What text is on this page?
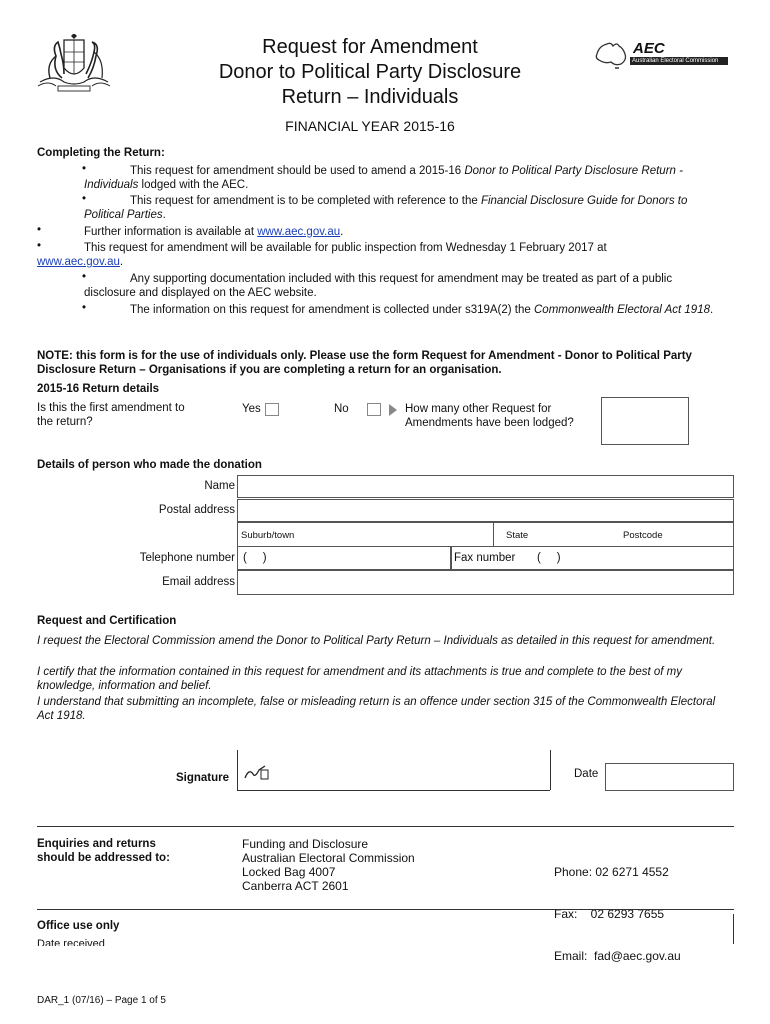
Request for Amendment
Donor to Political Party Disclosure
Return – Individuals
FINANCIAL YEAR 2015-16
AEC
Australian Electoral Commission
Completing the Return:
•	This request for amendment should be used to amend a 2015-16 Donor to Political Party Disclosure Return - Individuals lodged with the AEC.
•	This request for amendment is to be completed with reference to the Financial Disclosure Guide for Donors to Political Parties.
•	Further information is available at www.aec.gov.au.
•	This request for amendment will be available for public inspection from Wednesday 1 February 2017 at
www.aec.gov.au.
•	Any supporting documentation included with this request for amendment may be treated as part of a public disclosure and displayed on the AEC website.
•	The information on this request for amendment is collected under s319A(2) the Commonwealth Electoral Act 1918.
NOTE: this form is for the use of individuals only. Please use the form Request for Amendment - Donor to Political Party Disclosure Return – Organisations if you are completing a return for an organisation.
2015-16 Return details
Is this the first amendment to the return?
Yes	No	How many other Request for Amendments have been lodged?
Details of person who made the donation
Name
Postal address
Suburb/town	State	Postcode
Telephone number (     )	Fax number (     )
Email address
Request and Certification
I request the Electoral Commission amend the Donor to Political Party Return – Individuals as detailed in this request for amendment.
I certify that the information contained in this request for amendment and its attachments is true and complete to the best of my knowledge, information and belief.
I understand that submitting an incomplete, false or misleading return is an offence under section 315 of the Commonwealth Electoral Act 1918.
Signature	Date
Enquiries and returns
should be addressed to:
Funding and Disclosure
Australian Electoral Commission
Locked Bag 4007
Canberra ACT 2601

Phone: 02 6271 4552

Fax:    02 6293 7655

Email:  fad@aec.gov.au

Office use only
Date received
DAR_1 (07/16) – Page 1 of 5
